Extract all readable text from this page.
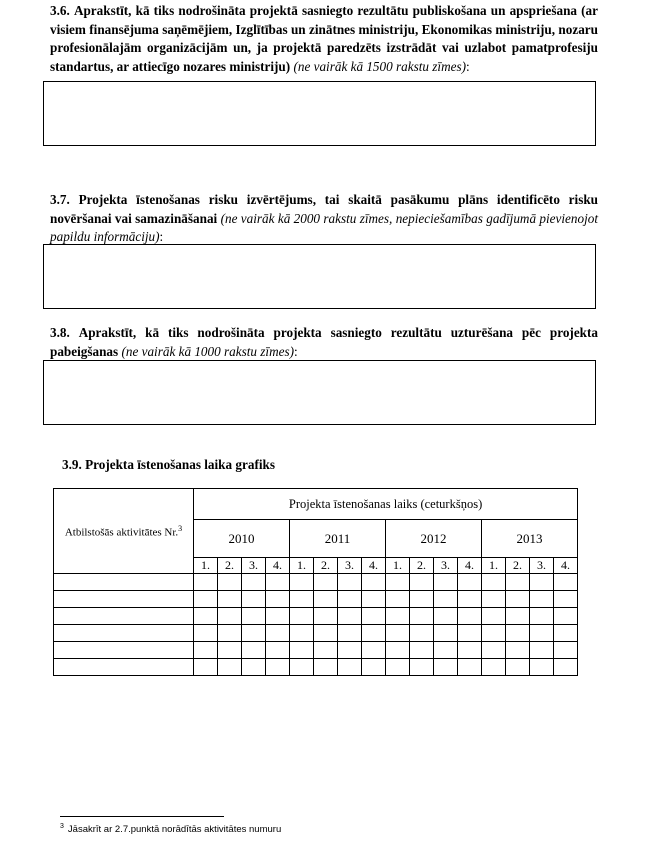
3.6. Aprakstīt, kā tiks nodrošināta projektā sasniegto rezultātu publiskošana un apspriešana (ar visiem finansējuma saņēmējiem, Izglītības un zinātnes ministriju, Ekonomikas ministriju, nozaru profesionālajām organizācijām un, ja projektā paredzēts izstrādāt vai uzlabot pamatprofesiju standartus, ar attiecīgo nozares ministriju) (ne vairāk kā 1500 rakstu zīmes):
3.7. Projekta īstenošanas risku izvērtējums, tai skaitā pasākumu plāns identificēto risku novēršanai vai samazināšanai (ne vairāk kā 2000 rakstu zīmes, nepieciešamības gadījumā pievienojot papildu informāciju):
3.8. Aprakstīt, kā tiks nodrošināta projekta sasniegto rezultātu uzturēšana pēc projekta pabeigšanas (ne vairāk kā 1000 rakstu zīmes):
3.9. Projekta īstenošanas laika grafiks
Atbilstošās aktivitātes Nr.$^3$	Projekta īstenošanas laiks (ceturkšņos)															
	2010				2011				2012				2013			
	1.	2.	3.	4.	1.	2.	3.	4.	1.	2.	3.	4.	1.	2.	3.	4.

$^3$ Jāsakrīt ar 2.7.punktā norādītās aktivitātes numuru
